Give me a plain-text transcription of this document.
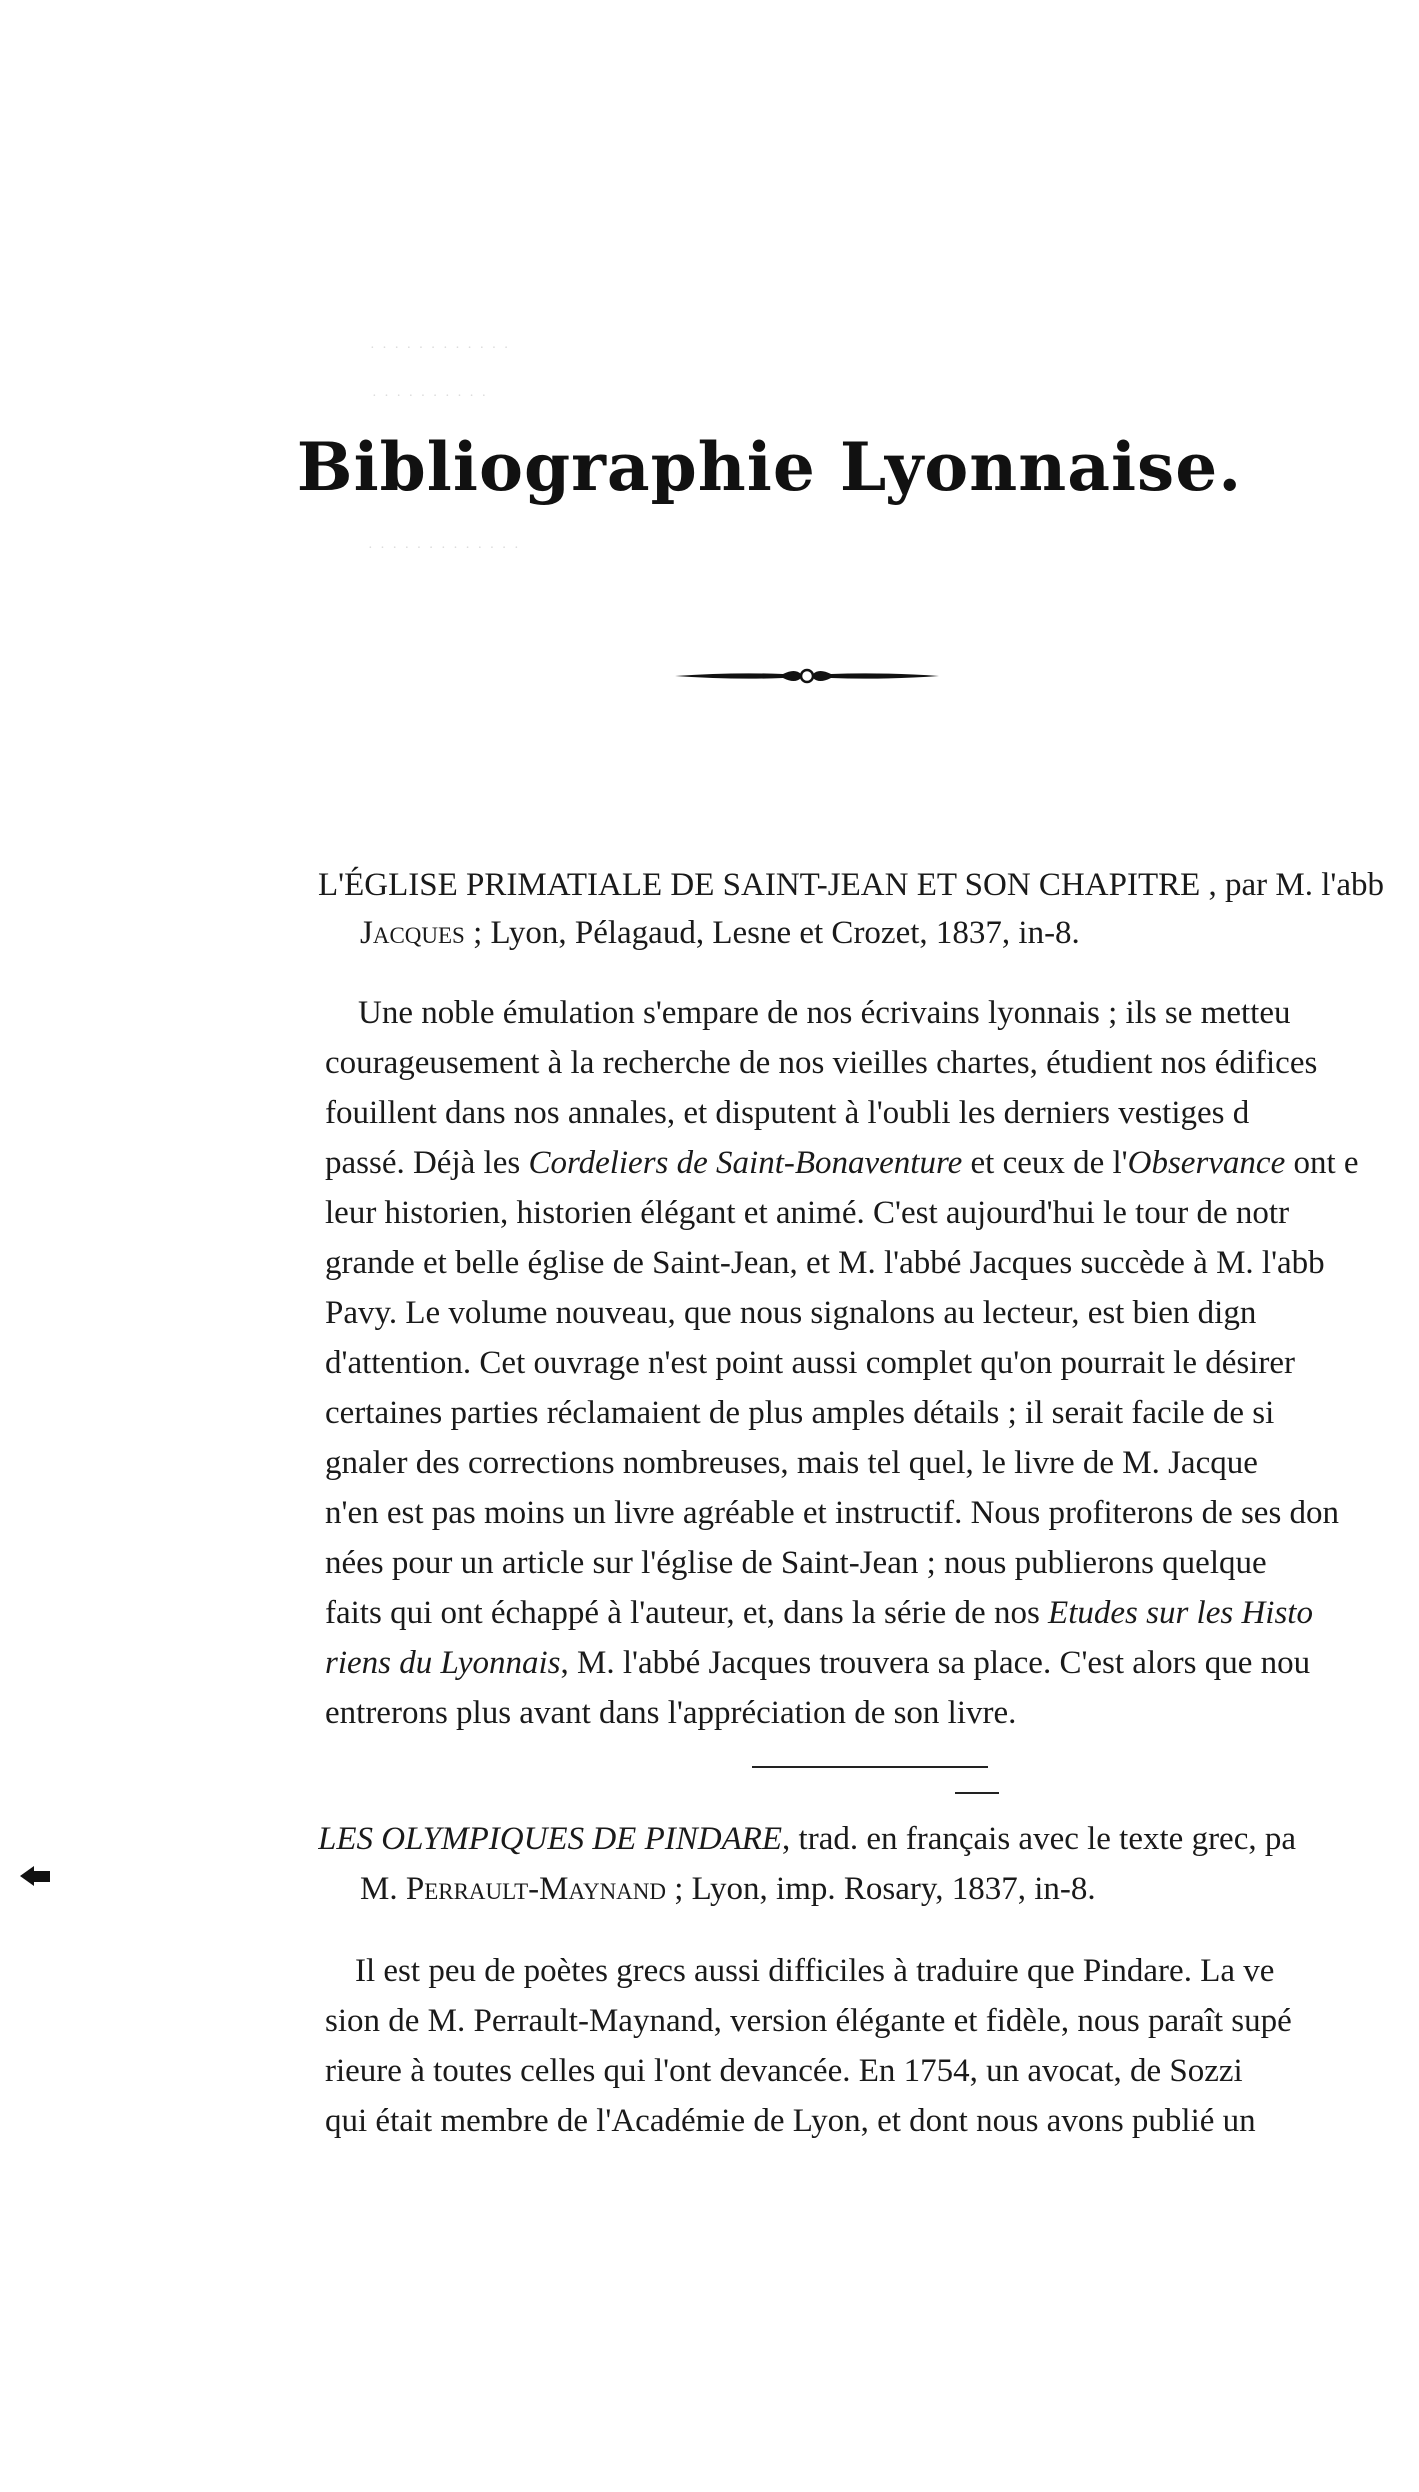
· · · · · · · · · · · ·
· · · · · · · · · ·
· · · · · · · · · · · · ·
Bibliographie Lyonnaise.
L'ÉGLISE PRIMATIALE DE SAINT-JEAN ET SON CHAPITRE , par M. l'abb
Jacques ; Lyon, Pélagaud, Lesne et Crozet, 1837, in-8.
Une noble émulation s'empare de nos écrivains lyonnais ; ils se metteu
courageusement à la recherche de nos vieilles chartes, étudient nos édifices
fouillent dans nos annales, et disputent à l'oubli les derniers vestiges d
passé. Déjà les Cordeliers de Saint-Bonaventure et ceux de l'Observance ont e
leur historien, historien élégant et animé. C'est aujourd'hui le tour de notr
grande et belle église de Saint-Jean, et M. l'abbé Jacques succède à M. l'abb
Pavy. Le volume nouveau, que nous signalons au lecteur, est bien dign
d'attention. Cet ouvrage n'est point aussi complet qu'on pourrait le désirer
certaines parties réclamaient de plus amples détails ; il serait facile de si
gnaler des corrections nombreuses, mais tel quel, le livre de M. Jacque
n'en est pas moins un livre agréable et instructif. Nous profiterons de ses don
nées pour un article sur l'église de Saint-Jean ; nous publierons quelque
faits qui ont échappé à l'auteur, et, dans la série de nos Etudes sur les Histo
riens du Lyonnais, M. l'abbé Jacques trouvera sa place. C'est alors que nou
entrerons plus avant dans l'appréciation de son livre.
LES OLYMPIQUES DE PINDARE, trad. en français avec le texte grec, pa
M. Perrault-Maynand ; Lyon, imp. Rosary, 1837, in-8.
Il est peu de poètes grecs aussi difficiles à traduire que Pindare. La ve
sion de M. Perrault-Maynand, version élégante et fidèle, nous paraît supé
rieure à toutes celles qui l'ont devancée. En 1754, un avocat, de Sozzi
qui était membre de l'Académie de Lyon, et dont nous avons publié un
